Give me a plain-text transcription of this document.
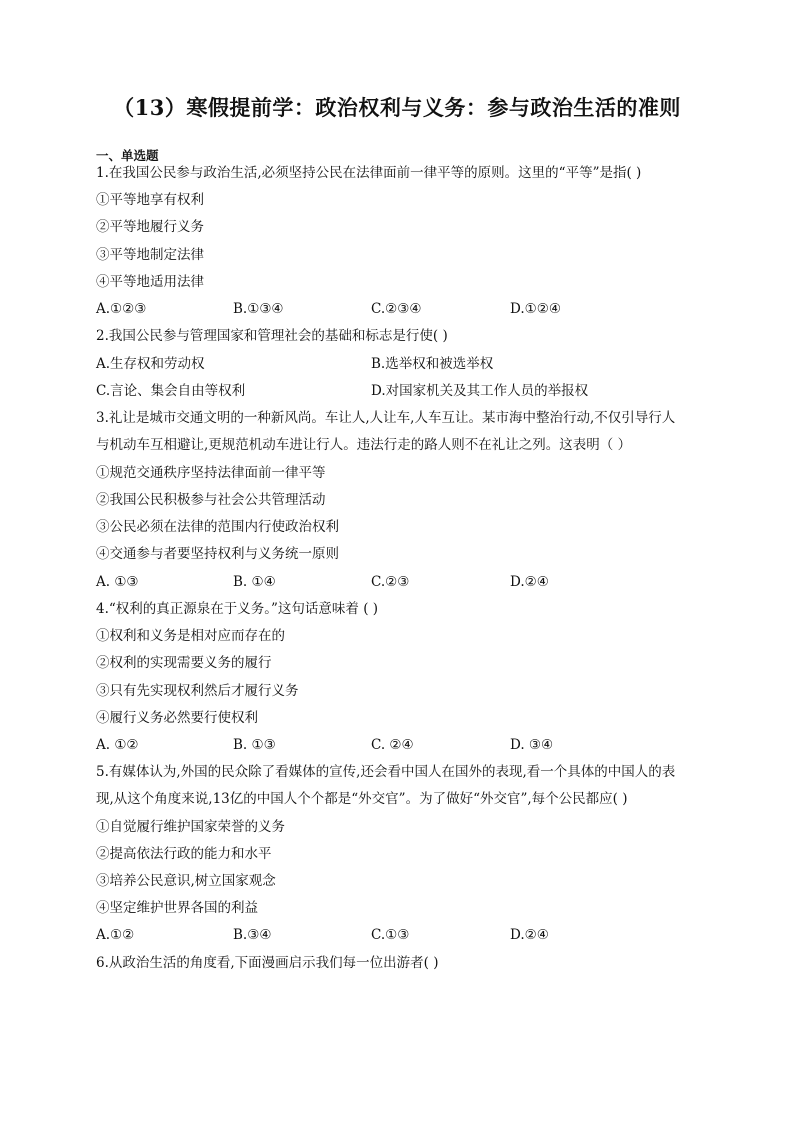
（13）寒假提前学：政治权利与义务：参与政治生活的准则
一、单选题
1.在我国公民参与政治生活,必须坚持公民在法律面前一律平等的原则。这里的“平等”是指( )
①平等地享有权利
②平等地履行义务
③平等地制定法律
④平等地适用法律
A.①②③	B.①③④	C.②③④	D.①②④
2.我国公民参与管理国家和管理社会的基础和标志是行使( )
A.生存权和劳动权	B.选举权和被选举权
C.言论、集会自由等权利	D.对国家机关及其工作人员的举报权
3.礼让是城市交通文明的一种新风尚。车让人,人让车,人车互让。某市海中整治行动,不仅引导行人
与机动车互相避让,更规范机动车进让行人。违法行走的路人则不在礼让之列。这表明（ ）
①规范交通秩序坚持法律面前一律平等
②我国公民积极参与社会公共管理活动
③公民必须在法律的范围内行使政治权利
④交通参与者要坚持权利与义务统一原则
A. ①③	B. ①④	C.②③	D.②④
4.“权利的真正源泉在于义务。”这句话意味着 ( )
①权利和义务是相对应而存在的
②权利的实现需要义务的履行
③只有先实现权利然后才履行义务
④履行义务必然要行使权利
A. ①②	B. ①③	C. ②④	D. ③④
5.有媒体认为,外国的民众除了看媒体的宣传,还会看中国人在国外的表现,看一个具体的中国人的表
现,从这个角度来说,13亿的中国人个个都是“外交官”。为了做好“外交官”,每个公民都应( )
①自觉履行维护国家荣誉的义务
②提高依法行政的能力和水平
③培养公民意识,树立国家观念
④坚定维护世界各国的利益
A.①②	B.③④	C.①③	D.②④
6.从政治生活的角度看,下面漫画启示我们每一位出游者( )
